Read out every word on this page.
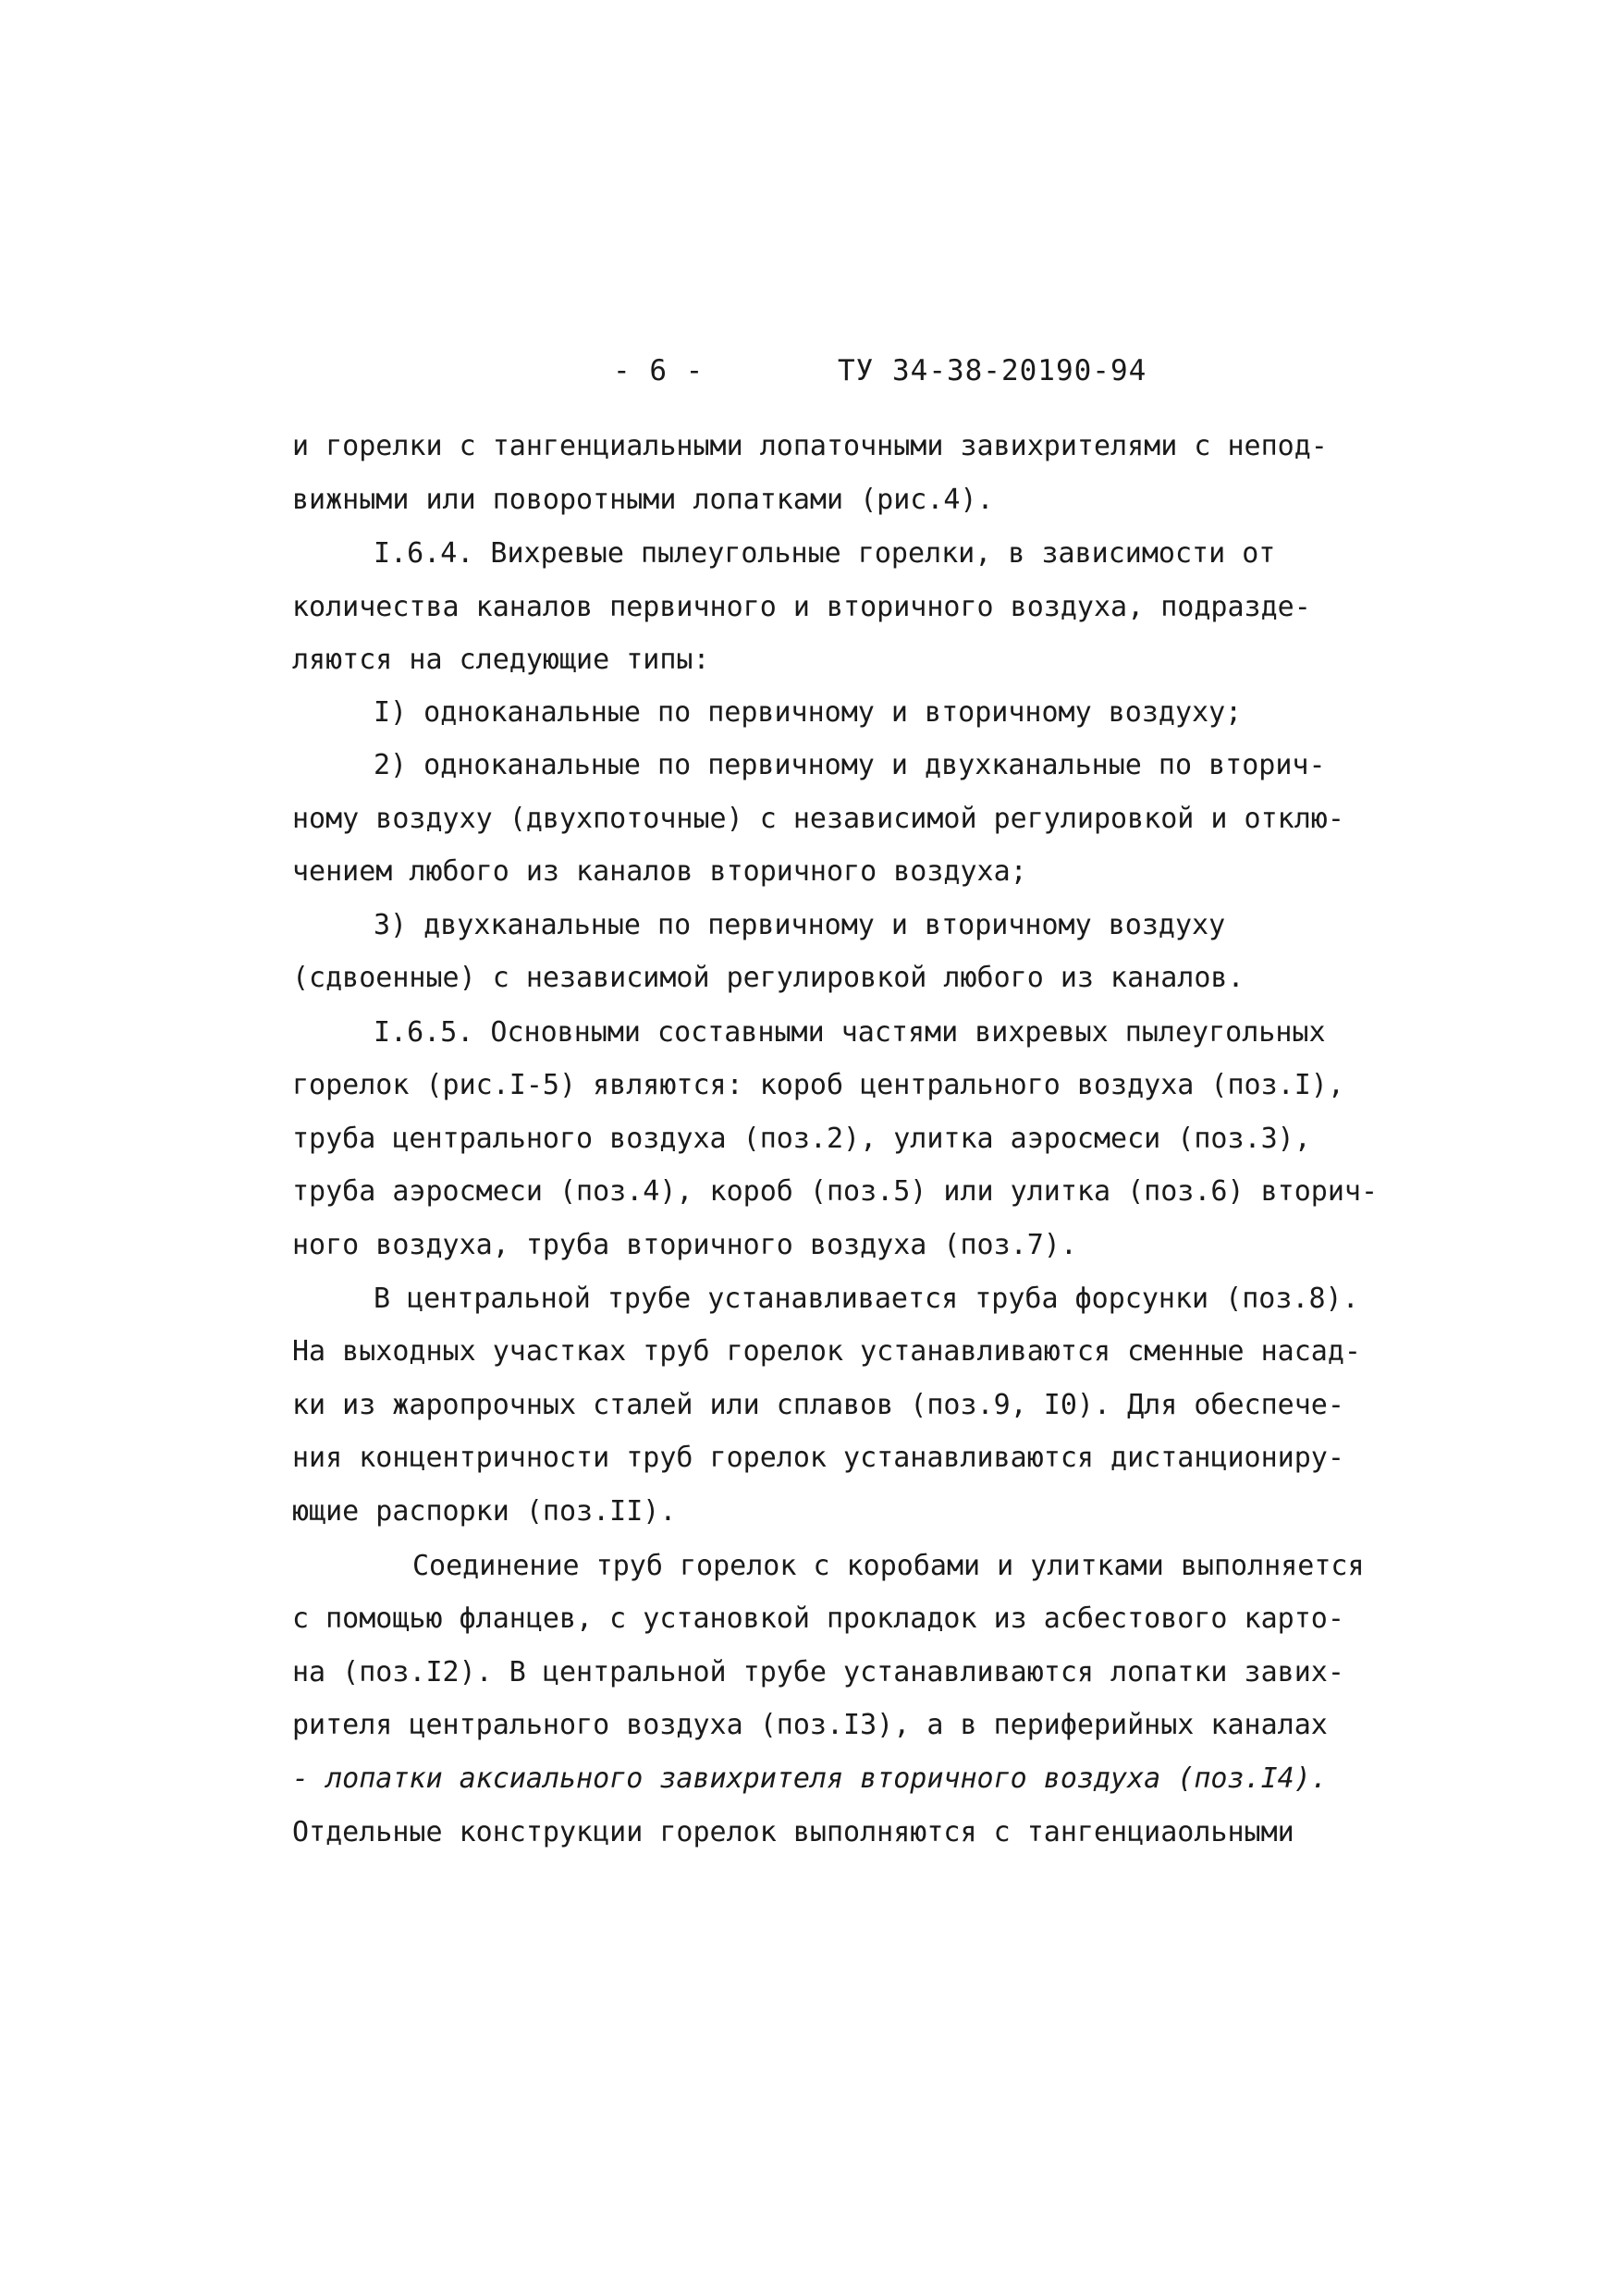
- 6 -	ТУ 34-38-20190-94
и горелки с тангенциальными лопаточными завихрителями с непод-
вижными или поворотными лопатками (рис.4).
I.6.4. Вихревые пылеугольные горелки, в зависимости от
количества каналов первичного и вторичного воздуха, подразде-
ляются на следующие типы:
I) одноканальные по первичному и вторичному воздуху;
2) одноканальные по первичному и двухканальные по вторич-
ному воздуху (двухпоточные) с независимой регулировкой и отклю-
чением любого из каналов вторичного воздуха;
3) двухканальные по первичному и вторичному воздуху
(сдвоенные) с независимой регулировкой любого из каналов.
I.6.5. Основными составными частями вихревых пылеугольных
горелок (рис.I-5) являются: короб центрального воздуха (поз.I),
труба центрального воздуха (поз.2), улитка аэросмеси (поз.3),
труба аэросмеси (поз.4), короб (поз.5) или улитка (поз.6) вторич-
ного воздуха, труба вторичного воздуха (поз.7).
В центральной трубе устанавливается труба форсунки (поз.8).
На выходных участках труб горелок устанавливаются сменные насад-
ки из жаропрочных сталей или сплавов (поз.9, I0). Для обеспече-
ния концентричности труб горелок устанавливаются дистанциониру-
ющие распорки (поз.II).
Соединение труб горелок с коробами и улитками выполняется
с помощью фланцев, с установкой прокладок из асбестового карто-
на (поз.I2). В центральной трубе устанавливаются лопатки завих-
рителя центрального воздуха (поз.I3), а в периферийных каналах
- лопатки аксиального завихрителя вторичного воздуха (поз.I4).
Отдельные конструкции горелок выполняются с тангенциаольными
